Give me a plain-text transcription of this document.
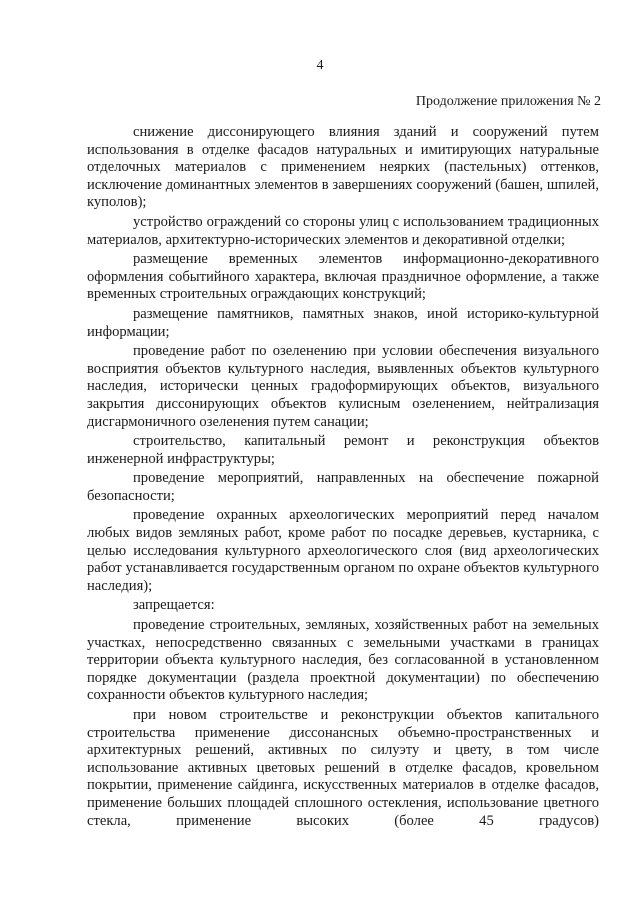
4
Продолжение приложения № 2

снижение диссонирующего влияния зданий и сооружений путем использования в отделке фасадов натуральных и имитирующих натуральные отделочных материалов с применением неярких (пастельных) оттенков, исключение доминантных элементов в завершениях сооружений (башен, шпилей, куполов);

устройство ограждений со стороны улиц с использованием традиционных материалов, архитектурно-исторических элементов и декоративной отделки;

размещение временных элементов информационно-декоративного оформления событийного характера, включая праздничное оформление, а также временных строительных ограждающих конструкций;

размещение памятников, памятных знаков, иной историко-культурной информации;

проведение работ по озеленению при условии обеспечения визуального восприятия объектов культурного наследия, выявленных объектов культурного наследия, исторически ценных градоформирующих объектов, визуального закрытия диссонирующих объектов кулисным озеленением, нейтрализация дисгармоничного озеленения путем санации;

строительство, капитальный ремонт и реконструкция объектов инженерной инфраструктуры;

проведение мероприятий, направленных на обеспечение пожарной безопасности;

проведение охранных археологических мероприятий перед началом любых видов земляных работ, кроме работ по посадке деревьев, кустарника, с целью исследования культурного археологического слоя (вид археологических работ устанавливается государственным органом по охране объектов культурного наследия);

запрещается:

проведение строительных, земляных, хозяйственных работ на земельных участках, непосредственно связанных с земельными участками в границах территории объекта культурного наследия, без согласованной в установленном порядке документации (раздела проектной документации) по обеспечению сохранности объектов культурного наследия;

при новом строительстве и реконструкции объектов капитального строительства применение диссонансных объемно-пространственных и архитектурных решений, активных по силуэту и цвету, в том числе использование активных цветовых решений в отделке фасадов, кровельном покрытии, применение сайдинга, искусственных материалов в отделке фасадов, применение больших площадей сплошного остекления, использование цветного стекла, применение высоких (более 45 градусов)
